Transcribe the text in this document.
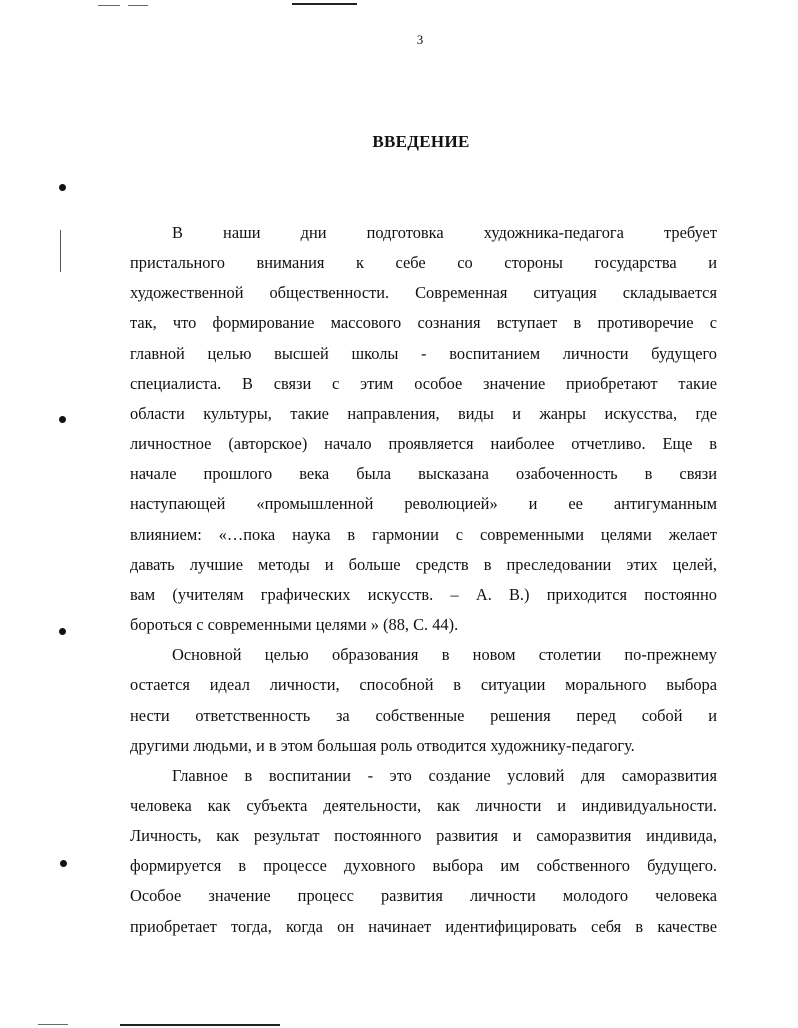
3
ВВЕДЕНИЕ

В наши дни подготовка художника-педагога требует
пристального внимания к себе со стороны государства и
художественной общественности. Современная ситуация складывается
так, что формирование массового сознания вступает в противоречие с
главной целью высшей школы - воспитанием личности будущего
специалиста. В связи с этим особое значение приобретают такие
области культуры, такие направления, виды и жанры искусства, где
личностное (авторское) начало проявляется наиболее отчетливо. Еще в
начале прошлого века была высказана озабоченность в связи
наступающей «промышленной революцией» и ее антигуманным
влиянием: «…пока наука в гармонии с современными целями желает
давать лучшие методы и больше средств в преследовании этих целей,
вам (учителям графических искусств. – А. В.) приходится постоянно
бороться с современными целями » (88, С. 44).

Основной целью образования в новом столетии по-прежнему
остается идеал личности, способной в ситуации морального выбора
нести ответственность за собственные решения перед собой и
другими людьми, и в этом большая роль отводится художнику-педагогу.

Главное в воспитании - это создание условий для саморазвития
человека как субъекта деятельности, как личности и индивидуальности.
Личность, как результат постоянного развития и саморазвития индивида,
формируется в процессе духовного выбора им собственного будущего.
Особое значение процесс развития личности молодого человека
приобретает тогда, когда он начинает идентифицировать себя в качестве
